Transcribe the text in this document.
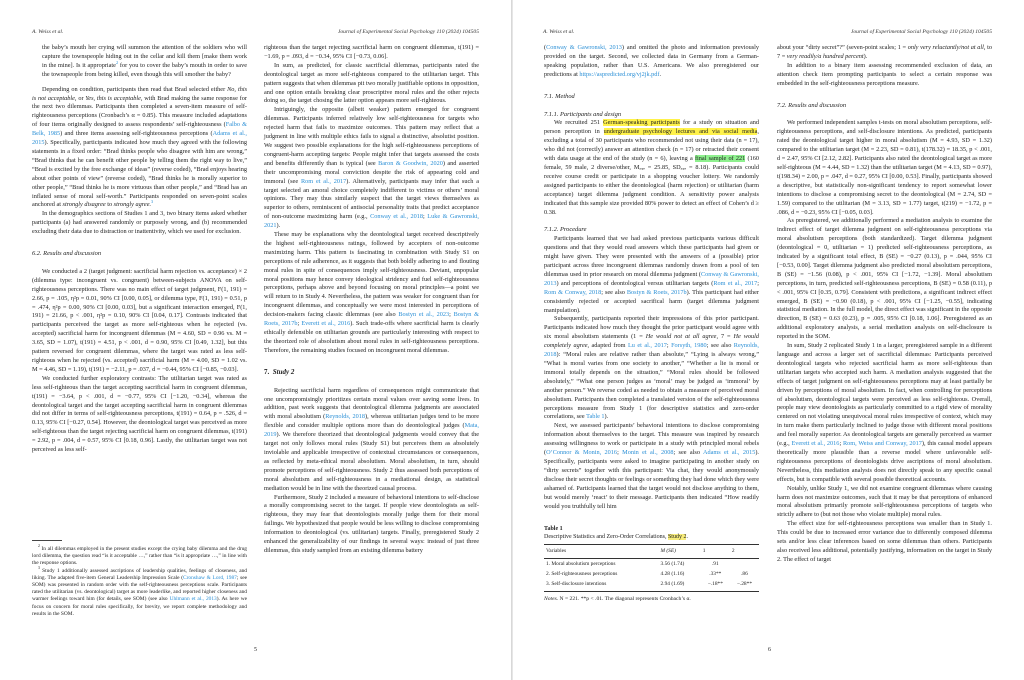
A. Weiss et al.	Journal of Experimental Social Psychology 110 (2024) 104505

the baby’s mouth her crying will summon the attention of the soldiers who will capture the townspeople hiding out in the cellar and kill them [make them work in the mine]. Is it appropriate$^2$ for you to cover the baby’s mouth in order to save the townspeople from being killed, even though this will smother the baby?

Depending on condition, participants then read that Brad selected either No, this is not acceptable, or Yes, this is acceptable, with Brad making the same response for the next two dilemmas. Participants then completed a seven-item measure of self-righteousness perceptions (Cronbach’s α = 0.85). This measure included adaptations of four items originally designed to assess respondents’ self-righteousness (Falbo & Belk, 1985) and three items assessing self-righteousness perceptions (Adams et al., 2015). Specifically, participants indicated how much they agreed with the following statements in a fixed order: “Brad thinks people who disagree with him are wrong,” “Brad thinks that he can benefit other people by telling them the right way to live,” “Brad is excited by the free exchange of ideas” (reverse coded), “Brad enjoys hearing about other points of view” (reverse coded), “Brad thinks he is morally superior to other people,” “Brad thinks he is more virtuous than other people,” and “Brad has an inflated sense of moral self-worth.” Participants responded on seven-point scales anchored at strongly disagree to strongly agree.$^3$

In the demographics sections of Studies 1 and 3, two binary items asked whether participants (a) had answered randomly or purposely wrong, and (b) recommended excluding their data due to distraction or inattentivity, which we used for exclusion.

6.2. Results and discussion

We conducted a 2 (target judgment: sacrificial harm rejection vs. acceptance) × 2 (dilemma type: incongruent vs. congruent) between-subjects ANOVA on self-righteousness perceptions. There was no main effect of target judgment, F(1, 191) = 2.66, p = .105, η²p = 0.01, 90% CI [0.00, 0.05], or dilemma type, F(1, 191) = 0.51, p = .474, η²p = 0.00, 90% CI [0.00, 0.03], but a significant interaction emerged, F(1, 191) = 21.66, p < .001, η²p = 0.10, 90% CI [0.04, 0.17]. Contrasts indicated that participants perceived the target as more self-righteous when he rejected (vs. accepted) sacrificial harm for incongruent dilemmas (M = 4.60, SD = 0.96 vs. M = 3.65, SD = 1.07), t(191) = 4.51, p < .001, d = 0.90, 95% CI [0.49, 1.32], but this pattern reversed for congruent dilemmas, where the target was rated as less self-righteous when he rejected (vs. accepted) sacrificial harm (M = 4.00, SD = 1.02 vs. M = 4.46, SD = 1.19), t(191) = −2.11, p = .037, d = −0.44, 95% CI [−0.85, −0.03].

We conducted further exploratory contrasts: The utilitarian target was rated as less self-righteous than the target accepting sacrificial harm in congruent dilemmas, t(191) = −3.64, p < .001, d = −0.77, 95% CI [−1.20, −0.34], whereas the deontological target and the target accepting sacrificial harm in congruent dilemmas did not differ in terms of self-righteousness perceptions, t(191) = 0.64, p = .526, d = 0.13, 95% CI [−0.27, 0.54]. However, the deontological target was perceived as more self-righteous than the target rejecting sacrificial harm on congruent dilemmas, t(191) = 2.92, p = .004, d = 0.57, 95% CI [0.18, 0.96]. Lastly, the utilitarian target was not perceived as less self-

righteous than the target rejecting sacrificial harm on congruent dilemmas, t(191) = −1.69, p = .093, d = −0.34, 95% CI [−0.73, 0.06].

In sum, as predicted, for classic sacrificial dilemmas, participants rated the deontological target as more self-righteous compared to the utilitarian target. This pattern suggests that when dilemmas pit two morally justifiable options in opposition, and one option entails breaking clear proscriptive moral rules and the other rejects doing so, the target chosing the latter option appears more self-righteous.

Intriguingly, the opposite (albeit weaker) pattern emerged for congruent dilemmas. Participants inferred relatively low self-righteousness for targets who rejected harm that fails to maximize outcomes. This pattern may reflect that a judgment in line with multiple ethics fails to signal a distinctive, absolutist position. We suggest two possible explanations for the high self-righteousness perceptions of congruent-harm accepting targets: People might infer that targets assessed the costs and benefits differently than is typical (see Baron & Goodwin, 2020) and asserted their uncompromising moral conviction despite the risk of appearing cold and immoral (see Rom et al., 2017). Alternatively, participants may infer that such a target selected an amoral choice completely indifferent to victims or others’ moral opinions. They may thus similarly suspect that the target views themselves as superior to others, reminiscent of antisocial personality traits that predict acceptance of non-outcome maximizing harm (e.g., Conway et al., 2018; Luke & Gawronski, 2021).

These may be explanations why the deontological target received descriptively the highest self-righteousness ratings, followed by accepters of non-outcome maximizing harm. This pattern is fascinating in combination with Study S1 on perceptions of rule adherence, as it suggests that both boldly adhering to and flouting moral rules in spite of consequences imply self-righteousness. Deviant, unpopular moral positions may hence convey ideological stridency and fuel self-righteousness perceptions, perhaps above and beyond focusing on moral principles—a point we will return to in Study 4. Nevertheless, the pattern was weaker for congruent than for incongruent dilemmas, and conceptually we were most interested in perceptions of decision-makers facing classic dilemmas (see also Bostyn et al., 2023; Bostyn & Roets, 2017b; Everett et al., 2016). Such trade-offs where sacrificial harm is clearly ethically defensible on utilitarian grounds are particularly interesting with respect to the theorized role of absolutism about moral rules in self-righteousness perceptions. Therefore, the remaining studies focused on incongruent moral dilemmas.

7. Study 2

Rejecting sacrificial harm regardless of consequences might communicate that one uncompromisingly prioritizes certain moral values over saving some lives. In addition, past work suggests that deontological dilemma judgments are associated with moral absolutism (Reynolds, 2018), whereas utilitarian judges tend to be more flexible and consider multiple options more than do deontological judges (Mata, 2019). We therefore theorized that deontological judgments would convey that the target not only follows moral rules (Study S1) but perceives them as absolutely inviolable and applicable irrespective of contextual circumstances or consequences, as reflected by meta-ethical moral absolutism. Moral absolutism, in turn, should promote perceptions of self-righteousness. Study 2 thus assessed both perceptions of moral absolutism and self-righteousness in a mediational design, as statistical mediation would be in line with the theorized causal process.

Furthermore, Study 2 included a measure of behavioral intentions to self-disclose a morally compromising secret to the target. If people view deontologists as self-righteous, they may fear that deontologists morally judge them for their moral failings. We hypothesized that people would be less willing to disclose compromising information to deontological (vs. utilitarian) targets. Finally, preregistered Study 2 enhanced the generalizability of our findings in several ways: instead of just three dilemmas, this study sampled from an existing dilemma battery

$^2$ In all dilemmas employed in the present studies except the crying baby dilemma and the drug lord dilemma, the question read “is it acceptable …,” rather than “is it appropriate …,” in line with the response options.

$^3$ Study 1 additionally assessed ascriptions of leadership qualities, feelings of closeness, and liking. The adapted five-item General Leadership Impression Scale (Cronshaw & Lord, 1987; see SOM) was presented in random order with the self-righteousness perceptions scale. Participants rated the utilitarian (vs. deontological) target as more leaderlike, and reported higher closeness and warmer feelings toward him (for details, see SOM) (see also Uhlmann et al., 2013). As here we focus on concern for moral rules specifically, for brevity, we report complete methodology and results in the SOM.

5
A. Weiss et al.	Journal of Experimental Social Psychology 110 (2024) 104505

(Conway & Gawronski, 2013) and omitted the photo and information previously provided on the target. Second, we collected data in Germany from a German-speaking population, rather than U.S. Americans. We also preregistered our predictions at https://aspredicted.org/vj2jk.pdf.

7.1. Method
7.1.1. Participants and design

We recruited 251 German-speaking participants for a study on situation and person perception in undergraduate psychology lectures and via social media, excluding a total of 30 participants who recommended not using their data (n = 17), who did not (correctly) answer an attention check (n = 17) or retracted their consent with data usage at the end of the study (n = 6), leaving a final sample of 221 (160 female, 59 male, 2 diverse/other, Mₐ₉ₑ = 25.85, SDₐ₉ₑ = 8.18). Participants could receive course credit or participate in a shopping voucher lottery. We randomly assigned participants to either the deontological (harm rejection) or utilitarian (harm acceptance) target dilemma judgment condition. A sensitivity power analysis indicated that this sample size provided 80% power to detect an effect of Cohen’s d ≥ 0.38.

7.1.2. Procedure

Participants learned that we had asked previous participants various difficult questions and that they would read answers which these participants had given or might have given. They were presented with the answers of a (possible) prior participant across three incongruent dilemmas randomly drawn from a pool of ten dilemmas used in prior research on moral dilemma judgment (Conway & Gawronski, 2013) and perceptions of deontological versus utilitarian targets (Rom et al., 2017; Rom & Conway, 2018; see also Bostyn & Roets, 2017b). This participant had either consistently rejected or accepted sacrifical harm (target dilemma judgment manipulation).

Subsequently, participants reported their impressions of this prior participant. Participants indicated how much they thought the prior participant would agree with six moral absolutism statements (1 = He would not at all agree, 7 = He would completely agree, adapted from Lu et al., 2017; Forsyth, 1980; see also Reynolds, 2018): “Moral rules are relative rather than absolute,” “Lying is always wrong,” “What is moral varies from one society to another,” “Whether a lie is moral or immoral totally depends on the situation,” “Moral rules should be followed absolutely,” “What one person judges as ‘moral’ may be judged as ‘immoral’ by another person.” We reverse coded as needed to obtain a measure of perceived moral absolutism. Participants then completed a translated version of the self-righteousness perceptions measure from Study 1 (for descriptive statistics and zero-order correlations, see Table 1).

Next, we assessed participants’ behavioral intentions to disclose compromising information about themselves to the target. This measure was inspired by research assessing willingness to work or participate in a study with principled moral rebels (O’Connor & Monin, 2016; Monin et al., 2008; see also Adams et al., 2015). Specifically, participants were asked to imagine participating in another study on “dirty secrets” together with this participant: Via chat, they would anonymously disclose their secret thoughts or feelings or something they had done which they were ashamed of. Participants learned that the target would not disclose anything to them, but would merely ‘react’ to their message. Participants then indicated “How readily would you truthfully tell him

Table 1
Descriptive Statistics and Zero-Order Correlations, Study 2.
Variables	M (SE)	1	2
1. Moral absolutism perceptions	3.56 (1.74)	.91	
2. Self-righteousness perceptions	4.28 (1.16)	.33**	.86
3. Self-disclosure intentions	2.94 (1.69)	−.18**	−.28**
Notes. N = 221. **p < .01. The diagonal represents Cronbach’s α.

about your “dirty secret”?” (seven-point scales; 1 = only very reluctantly/not at all, to 7 = very readily/a hundred percent).

In addition to a binary item assessing recommended exclusion of data, an attention check item prompting participants to select a certain response was embedded in the self-righteousness perceptions measure.

7.2. Results and discussion

We performed independent samples t-tests on moral absolutism perceptions, self-righteousness perceptions, and self-disclosure intentions. As predicted, participants rated the deontological target higher in moral absolutism (M = 4.93, SD = 1.32) compared to the utilitarian target (M = 2.23, SD = 0.81), t(178.32) = 18.35, p < .001, d = 2.47, 95% CI [2.12, 2.82]. Participants also rated the deontological target as more self-righteous (M = 4.44, SD = 1.32) than the utilitarian target (M = 4.13, SD = 0.97), t(198.34) = 2.00, p = .047, d = 0.27, 95% CI [0.00, 0.53]. Finally, participants showed a descriptive, but statistically non-significant tendency to report somewhat lower intentions to disclose a compromising secret to the deontological (M = 2.74, SD = 1.59) compared to the utilitarian (M = 3.13, SD = 1.77) target, t(219) = −1.72, p = .086, d = −0.23, 95% CI [−0.05, 0.03].

As preregistered, we additionally performed a mediation analysis to examine the indirect effect of target dilemma judgment on self-righteousness perceptions via moral absolutism perceptions (both standardized). Target dilemma judgment (deontological = 0, utilitarian = 1) predicted self-righteousness perceptions, as indicated by a significant total effect, B (SE) = −0.27 (0.13), p = .044, 95% CI [−0.53, 0.00]. Target dilemma judgment also predicted moral absolutism perceptions, B (SE) = −1.56 (0.08), p < .001, 95% CI [−1.72, −1.39]. Moral absolutism perceptions, in turn, predicted self-righteousness perceptions, B (SE) = 0.58 (0.11), p < .001, 95% CI [0.35, 0.79]. Consistent with predictions, a significant indirect effect emerged, B (SE) = −0.90 (0.18), p < .001, 95% CI [−1.25, −0.55], indicating statistical mediation. In the full model, the direct effect was significant in the opposite direction, B (SE) = 0.63 (0.23), p = .005, 95% CI [0.18, 1.06]. Preregistered as an additional exploratory analysis, a serial mediation analysis on self-disclosure is reported in the SOM.

In sum, Study 2 replicated Study 1 in a larger, preregistered sample in a different language and across a larger set of sacrificial dilemmas: Participants perceived deontological targets who rejected sacrificial harm as more self-righteous than utilitarian targets who accepted such harm. A mediation analysis suggested that the effects of target judgment on self-righteousness perceptions may at least partially be driven by perceptions of moral absolutism. In fact, when controlling for perceptions of absolutism, deontological targets were perceived as less self-righteous. Overall, people may view deontologists as particularly committed to a rigid view of morality centered on not violating unequivocal moral rules irrespective of context, which may in turn make them particularly inclined to judge those with different moral positions and feel morally superior. As deontological targets are generally perceived as warmer (e.g., Everett et al., 2016; Rom, Weiss and Conway, 2017), this causal model appears theoretically more plausible than a reverse model where unfavorable self-righteousness perceptions of deontologists drive ascriptions of moral absolutism. Nevertheless, this mediation analysis does not directly speak to any specific causal effects, but is compatible with several possible theoretical accounts.

Notably, unlike Study 1, we did not examine congruent dilemmas where causing harm does not maximize outcomes, such that it may be that perceptions of enhanced moral absolutism primarily promote self-righteousness perceptions of targets who strictly adhere to (but not those who violate multiple) moral rules.

The effect size for self-righteousness perceptions was smaller than in Study 1. This could be due to increased error variance due to differently composed dilemma sets and/or less clear inferences based on some dilemmas than others. Participants also received less additional, potentially justifying, information on the target in Study 2. The effect of target

6
